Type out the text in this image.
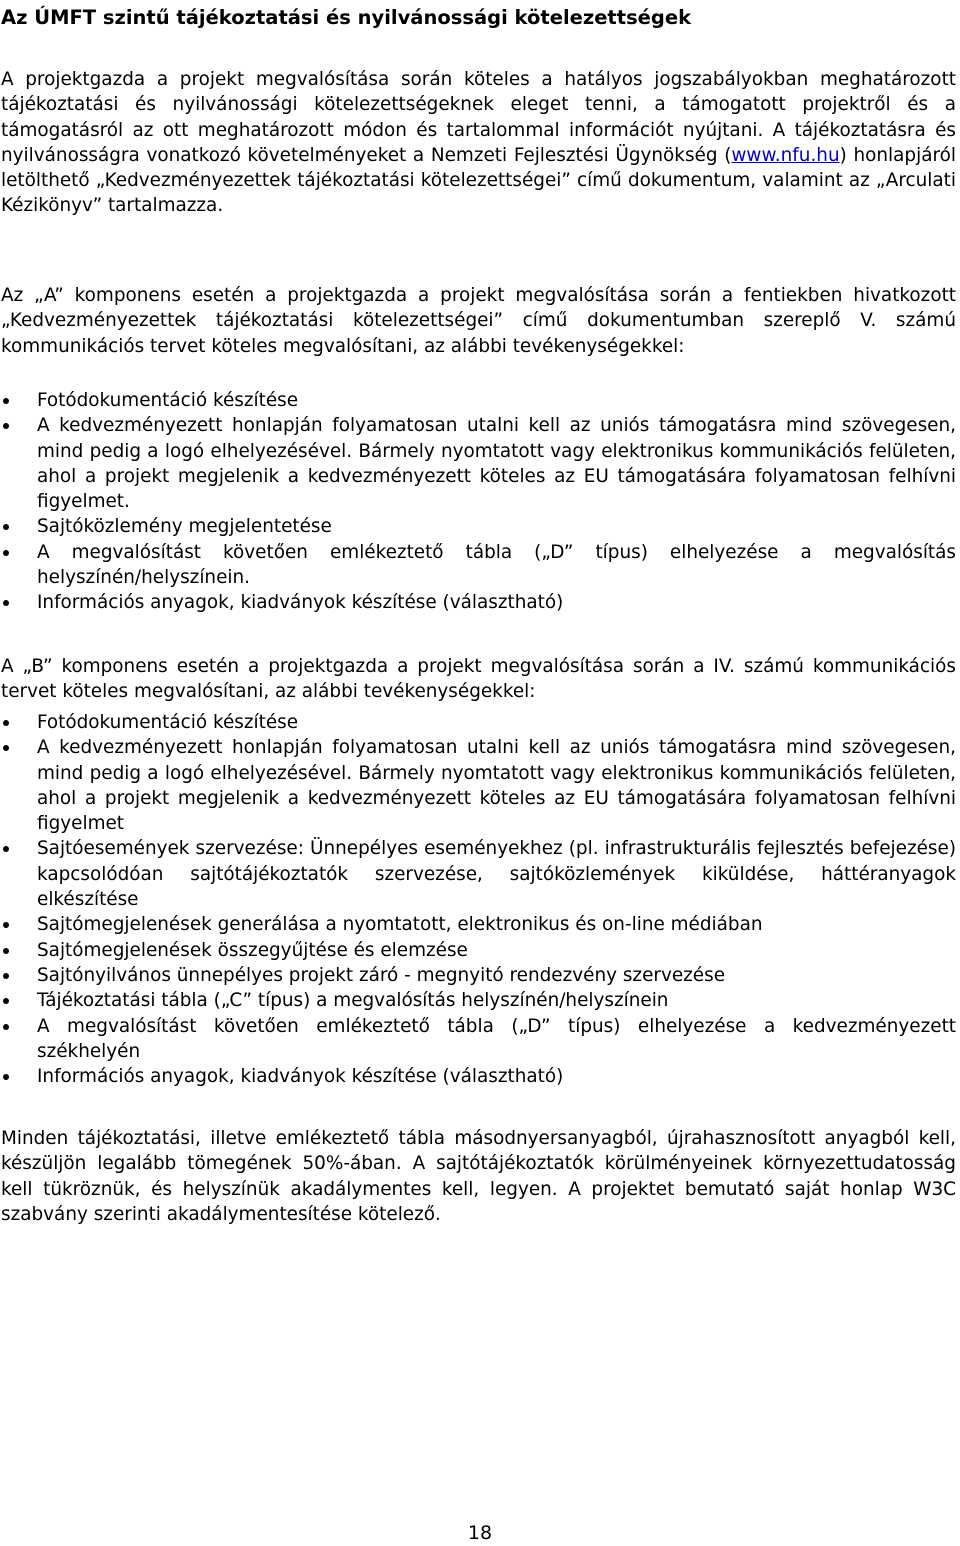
Az ÚMFT szintű tájékoztatási és nyilvánossági kötelezettségek

A projektgazda a projekt megvalósítása során köteles a hatályos jogszabályokban meghatározott tájékoztatási és nyilvánossági kötelezettségeknek eleget tenni, a támogatott projektről és a támogatásról az ott meghatározott módon és tartalommal információt nyújtani. A tájékoztatásra és nyilvánosságra vonatkozó követelményeket a Nemzeti Fejlesztési Ügynökség (www.nfu.hu) honlapjáról letölthető „Kedvezményezettek tájékoztatási kötelezettségei” című dokumentum, valamint az „Arculati Kézikönyv” tartalmazza.

Az „A” komponens esetén a projektgazda a projekt megvalósítása során a fentiekben hivatkozott „Kedvezményezettek tájékoztatási kötelezettségei” című dokumentumban szereplő V. számú kommunikációs tervet köteles megvalósítani, az alábbi tevékenységekkel:

Fotódokumentáció készítése
A kedvezményezett honlapján folyamatosan utalni kell az uniós támogatásra mind szövegesen, mind pedig a logó elhelyezésével. Bármely nyomtatott vagy elektronikus kommunikációs felületen, ahol a projekt megjelenik a kedvezményezett köteles az EU támogatására folyamatosan felhívni figyelmet.
Sajtóközlemény megjelentetése
A megvalósítást követően emlékeztető tábla („D” típus) elhelyezése a megvalósítás helyszínén/helyszínein.
Információs anyagok, kiadványok készítése (választható)

A „B” komponens esetén a projektgazda a projekt megvalósítása során a IV. számú kommunikációs tervet köteles megvalósítani, az alábbi tevékenységekkel:

Fotódokumentáció készítése
A kedvezményezett honlapján folyamatosan utalni kell az uniós támogatásra mind szövegesen, mind pedig a logó elhelyezésével. Bármely nyomtatott vagy elektronikus kommunikációs felületen, ahol a projekt megjelenik a kedvezményezett köteles az EU támogatására folyamatosan felhívni figyelmet
Sajtóesemények szervezése: Ünnepélyes eseményekhez (pl. infrastrukturális fejlesztés befejezése) kapcsolódóan sajtótájékoztatók szervezése, sajtóközlemények kiküldése, háttéranyagok elkészítése
Sajtómegjelenések generálása a nyomtatott, elektronikus és on-line médiában
Sajtómegjelenések összegyűjtése és elemzése
Sajtónyilvános ünnepélyes projekt záró - megnyitó rendezvény szervezése
Tájékoztatási tábla („C” típus) a megvalósítás helyszínén/helyszínein
A megvalósítást követően emlékeztető tábla („D” típus) elhelyezése a kedvezményezett székhelyén
Információs anyagok, kiadványok készítése (választható)

Minden tájékoztatási, illetve emlékeztető tábla másodnyersanyagból, újrahasznosított anyagból kell, készüljön legalább tömegének 50%-ában. A sajtótájékoztatók körülményeinek környezettudatosság kell tükröznük, és helyszínük akadálymentes kell, legyen. A projektet bemutató saját honlap W3C szabvány szerinti akadálymentesítése kötelező.

18
